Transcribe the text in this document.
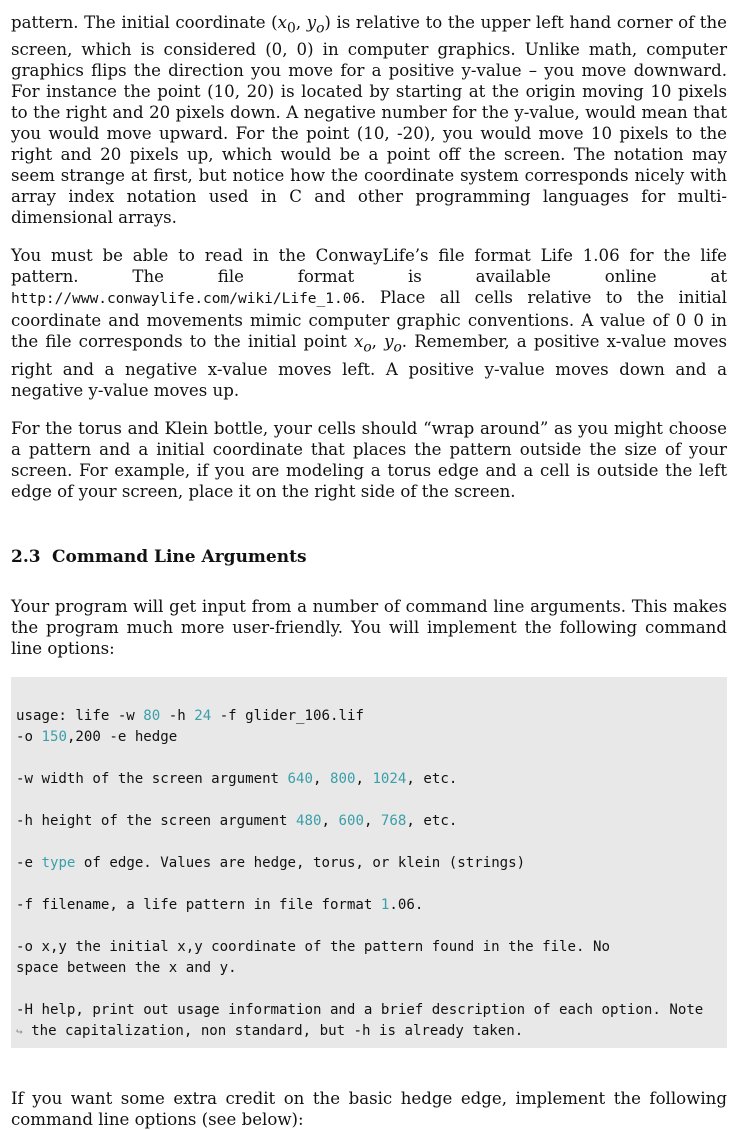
pattern. The initial coordinate ($x_0$, $y_o$) is relative to the upper left hand corner of the screen, which is considered (0, 0) in computer graphics. Unlike math, computer graphics flips the direction you move for a positive y-value – you move downward. For instance the point (10, 20) is located by starting at the origin moving 10 pixels to the right and 20 pixels down. A negative number for the y-value, would mean that you would move upward. For the point (10, -20), you would move 10 pixels to the right and 20 pixels up, which would be a point off the screen. The notation may seem strange at first, but notice how the coordinate system corresponds nicely with array index notation used in C and other programming languages for multi-dimensional arrays.

You must be able to read in the ConwayLife’s file format Life 1.06 for the life pattern. The file format is available online at http://www.conwaylife.com/wiki/Life_1.06. Place all cells relative to the initial coordinate and movements mimic computer graphic conventions. A value of 0 0 in the file corresponds to the initial point $x_o$, $y_o$. Remember, a positive x-value moves right and a negative x-value moves left. A positive y-value moves down and a negative y-value moves up.

For the torus and Klein bottle, your cells should “wrap around” as you might choose a pattern and a initial coordinate that places the pattern outside the size of your screen. For example, if you are modeling a torus edge and a cell is outside the left edge of your screen, place it on the right side of the screen.

2.3 Command Line Arguments

Your program will get input from a number of command line arguments. This makes the program much more user-friendly. You will implement the following command line options:

usage: life -w 80 -h 24 -f glider_106.lif
-o 150,200 -e hedge
-w width of the screen argument 640, 800, 1024, etc.
-h height of the screen argument 480, 600, 768, etc.
-e type of edge. Values are hedge, torus, or klein (strings)
-f filename, a life pattern in file format 1.06.
-o x,y the initial x,y coordinate of the pattern found in the file. No
space between the x and y.
-H help, print out usage information and a brief description of each option. Note
↪ the capitalization, non standard, but -h is already taken.

If you want some extra credit on the basic hedge edge, implement the following command line options (see below):
